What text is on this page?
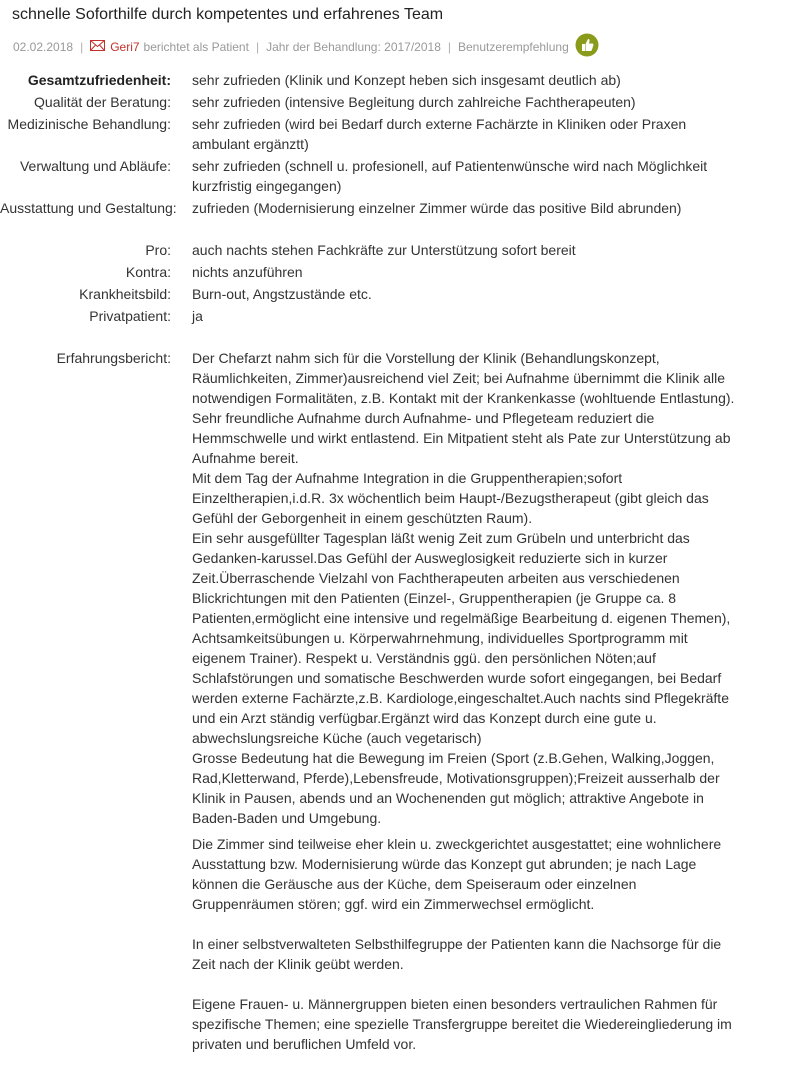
schnelle Soforthilfe durch kompetentes und erfahrenes Team
02.02.2018 | Geri7 berichtet als Patient | Jahr der Behandlung: 2017/2018 | Benutzerempfehlung
Gesamtzufriedenheit:	sehr zufrieden (Klinik und Konzept heben sich insgesamt deutlich ab)
Qualität der Beratung:	sehr zufrieden (intensive Begleitung durch zahlreiche Fachtherapeuten)
Medizinische Behandlung:	sehr zufrieden (wird bei Bedarf durch externe Fachärzte in Kliniken oder Praxen ambulant ergänztt)
Verwaltung und Abläufe:	sehr zufrieden (schnell u. profesionell, auf Patientenwünsche wird nach Möglichkeit kurzfristig eingegangen)
Ausstattung und Gestaltung:	zufrieden (Modernisierung einzelner Zimmer würde das positive Bild abrunden)
Pro:	auch nachts stehen Fachkräfte zur Unterstützung sofort bereit
Kontra:	nichts anzuführen
Krankheitsbild:	Burn-out, Angstzustände etc.
Privatpatient:	ja
Erfahrungsbericht:	Der Chefarzt nahm sich für die Vorstellung der Klinik (Behandlungskonzept, Räumlichkeiten, Zimmer)ausreichend viel Zeit; bei Aufnahme übernimmt die Klinik alle notwendigen Formalitäten, z.B. Kontakt mit der Krankenkasse (wohltuende Entlastung).
Sehr freundliche Aufnahme durch Aufnahme- und Pflegeteam reduziert die Hemmschwelle und wirkt entlastend. Ein Mitpatient steht als Pate zur Unterstützung ab Aufnahme bereit.
Mit dem Tag der Aufnahme Integration in die Gruppentherapien;sofort Einzeltherapien,i.d.R. 3x wöchentlich beim Haupt-/Bezugstherapeut (gibt gleich das Gefühl der Geborgenheit in einem geschützten Raum).
Ein sehr ausgefüllter Tagesplan läßt wenig Zeit zum Grübeln und unterbricht das Gedanken-karussel.Das Gefühl der Ausweglosigkeit reduzierte sich in kurzer Zeit.Überraschende Vielzahl von Fachtherapeuten arbeiten aus verschiedenen Blickrichtungen mit den Patienten (Einzel-, Gruppentherapien (je Gruppe ca. 8 Patienten,ermöglicht eine intensive und regelmäßige Bearbeitung d. eigenen Themen), Achtsamkeitsübungen u. Körperwahrnehmung, individuelles Sportprogramm mit eigenem Trainer). Respekt u. Verständnis ggü. den persönlichen Nöten;auf Schlafstörungen und somatische Beschwerden wurde sofort eingegangen, bei Bedarf werden externe Fachärzte,z.B. Kardiologe,eingeschaltet.Auch nachts sind Pflegekräfte und ein Arzt ständig verfügbar.Ergänzt wird das Konzept durch eine gute u. abwechslungsreiche Küche (auch vegetarisch)
Grosse Bedeutung hat die Bewegung im Freien (Sport (z.B.Gehen, Walking,Joggen, Rad,Kletterwand, Pferde),Lebensfreude, Motivationsgruppen);Freizeit ausserhalb der Klinik in Pausen, abends und an Wochenenden gut möglich; attraktive Angebote in Baden-Baden und Umgebung.
Die Zimmer sind teilweise eher klein u. zweckgerichtet ausgestattet; eine wohnlichere Ausstattung bzw. Modernisierung würde das Konzept gut abrunden; je nach Lage können die Geräusche aus der Küche, dem Speiseraum oder einzelnen Gruppenräumen stören; ggf. wird ein Zimmerwechsel ermöglicht.
In einer selbstverwalteten Selbsthilfegruppe der Patienten kann die Nachsorge für die Zeit nach der Klinik geübt werden.
Eigene Frauen- u. Männergruppen bieten einen besonders vertraulichen Rahmen für spezifische Themen; eine spezielle Transfergruppe bereitet die Wiedereingliederung im privaten und beruflichen Umfeld vor.
